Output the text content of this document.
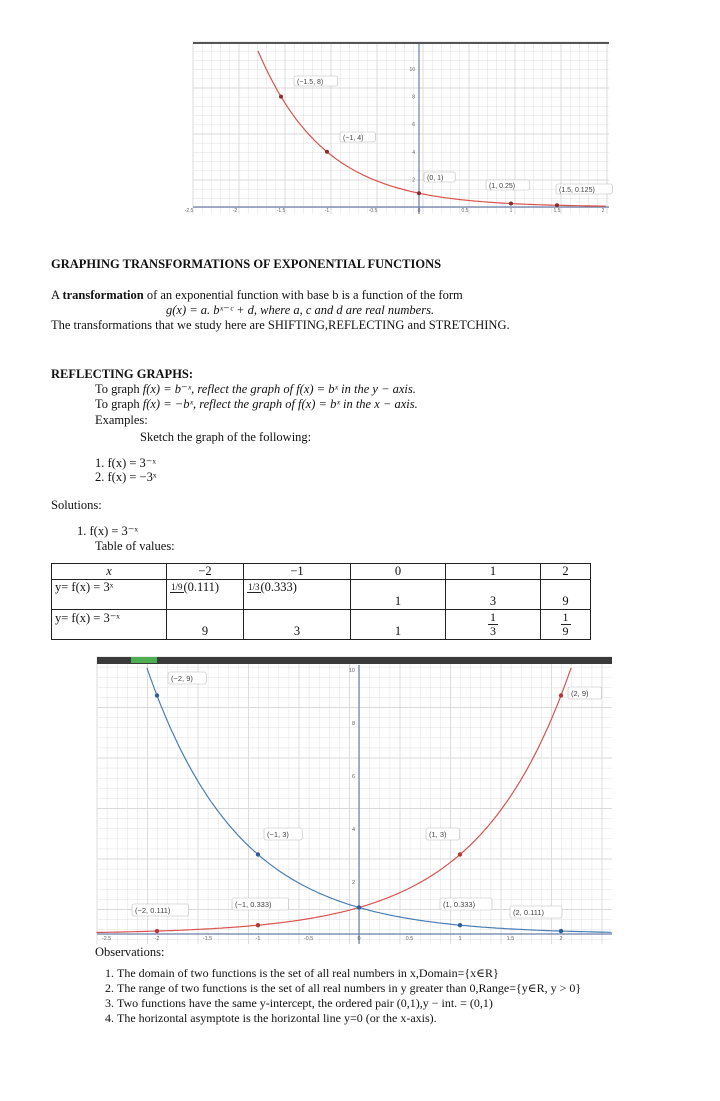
(−1.5, 8)
(−1, 4)
(0, 1)
(1, 0.25)
(1.5, 0.125)
10
8
6
4
2
-2.5	-2	-1.5	-1	-0.5	0	0.5	1	1.5	2
GRAPHING TRANSFORMATIONS OF EXPONENTIAL FUNCTIONS
A transformation of an exponential function with base b is a function of the form
g(x) = a. bˣ⁻ᶜ + d, where a, c and d are real numbers.
The transformations that we study here are SHIFTING,REFLECTING and STRETCHING.
REFLECTING GRAPHS:
To graph f(x) = b⁻ˣ, reflect the graph of f(x) = bˣ in the y − axis.
To graph f(x) = −bˣ, reflect the graph of f(x) = bˣ in the x − axis.
Examples:
Sketch the graph of the following:
1. f(x) = 3⁻ˣ
2. f(x) = −3ˣ
Solutions:
1. f(x) = 3⁻ˣ
Table of values:
x	−2	−1	0	1	2
y= f(x) = 3ˣ	1/9 (0.111)	1/3 (0.333)	1	3	9
y= f(x) = 3⁻ˣ	9	3	1	$\frac{1}{3}$	$\frac{1}{9}$
(−2, 9)
(2, 9)
(−1, 3)	(1, 3)
(−2, 0.111)
(−1, 0.333)	(1, 0.333)
(2, 0.111)
10
8
6
4
2
-2.5	-2	-1.5	-1	-0.5	0	0.5	1	1.5	2
Observations:
1. The domain of two functions is the set of all real numbers in x,Domain={x∈R}
2. The range of two functions is the set of all real numbers in y greater than 0,Range={y∈R, y > 0}
3. Two functions have the same y-intercept, the ordered pair (0,1),y − int. = (0,1)
4. The horizontal asymptote is the horizontal line y=0 (or the x-axis).
